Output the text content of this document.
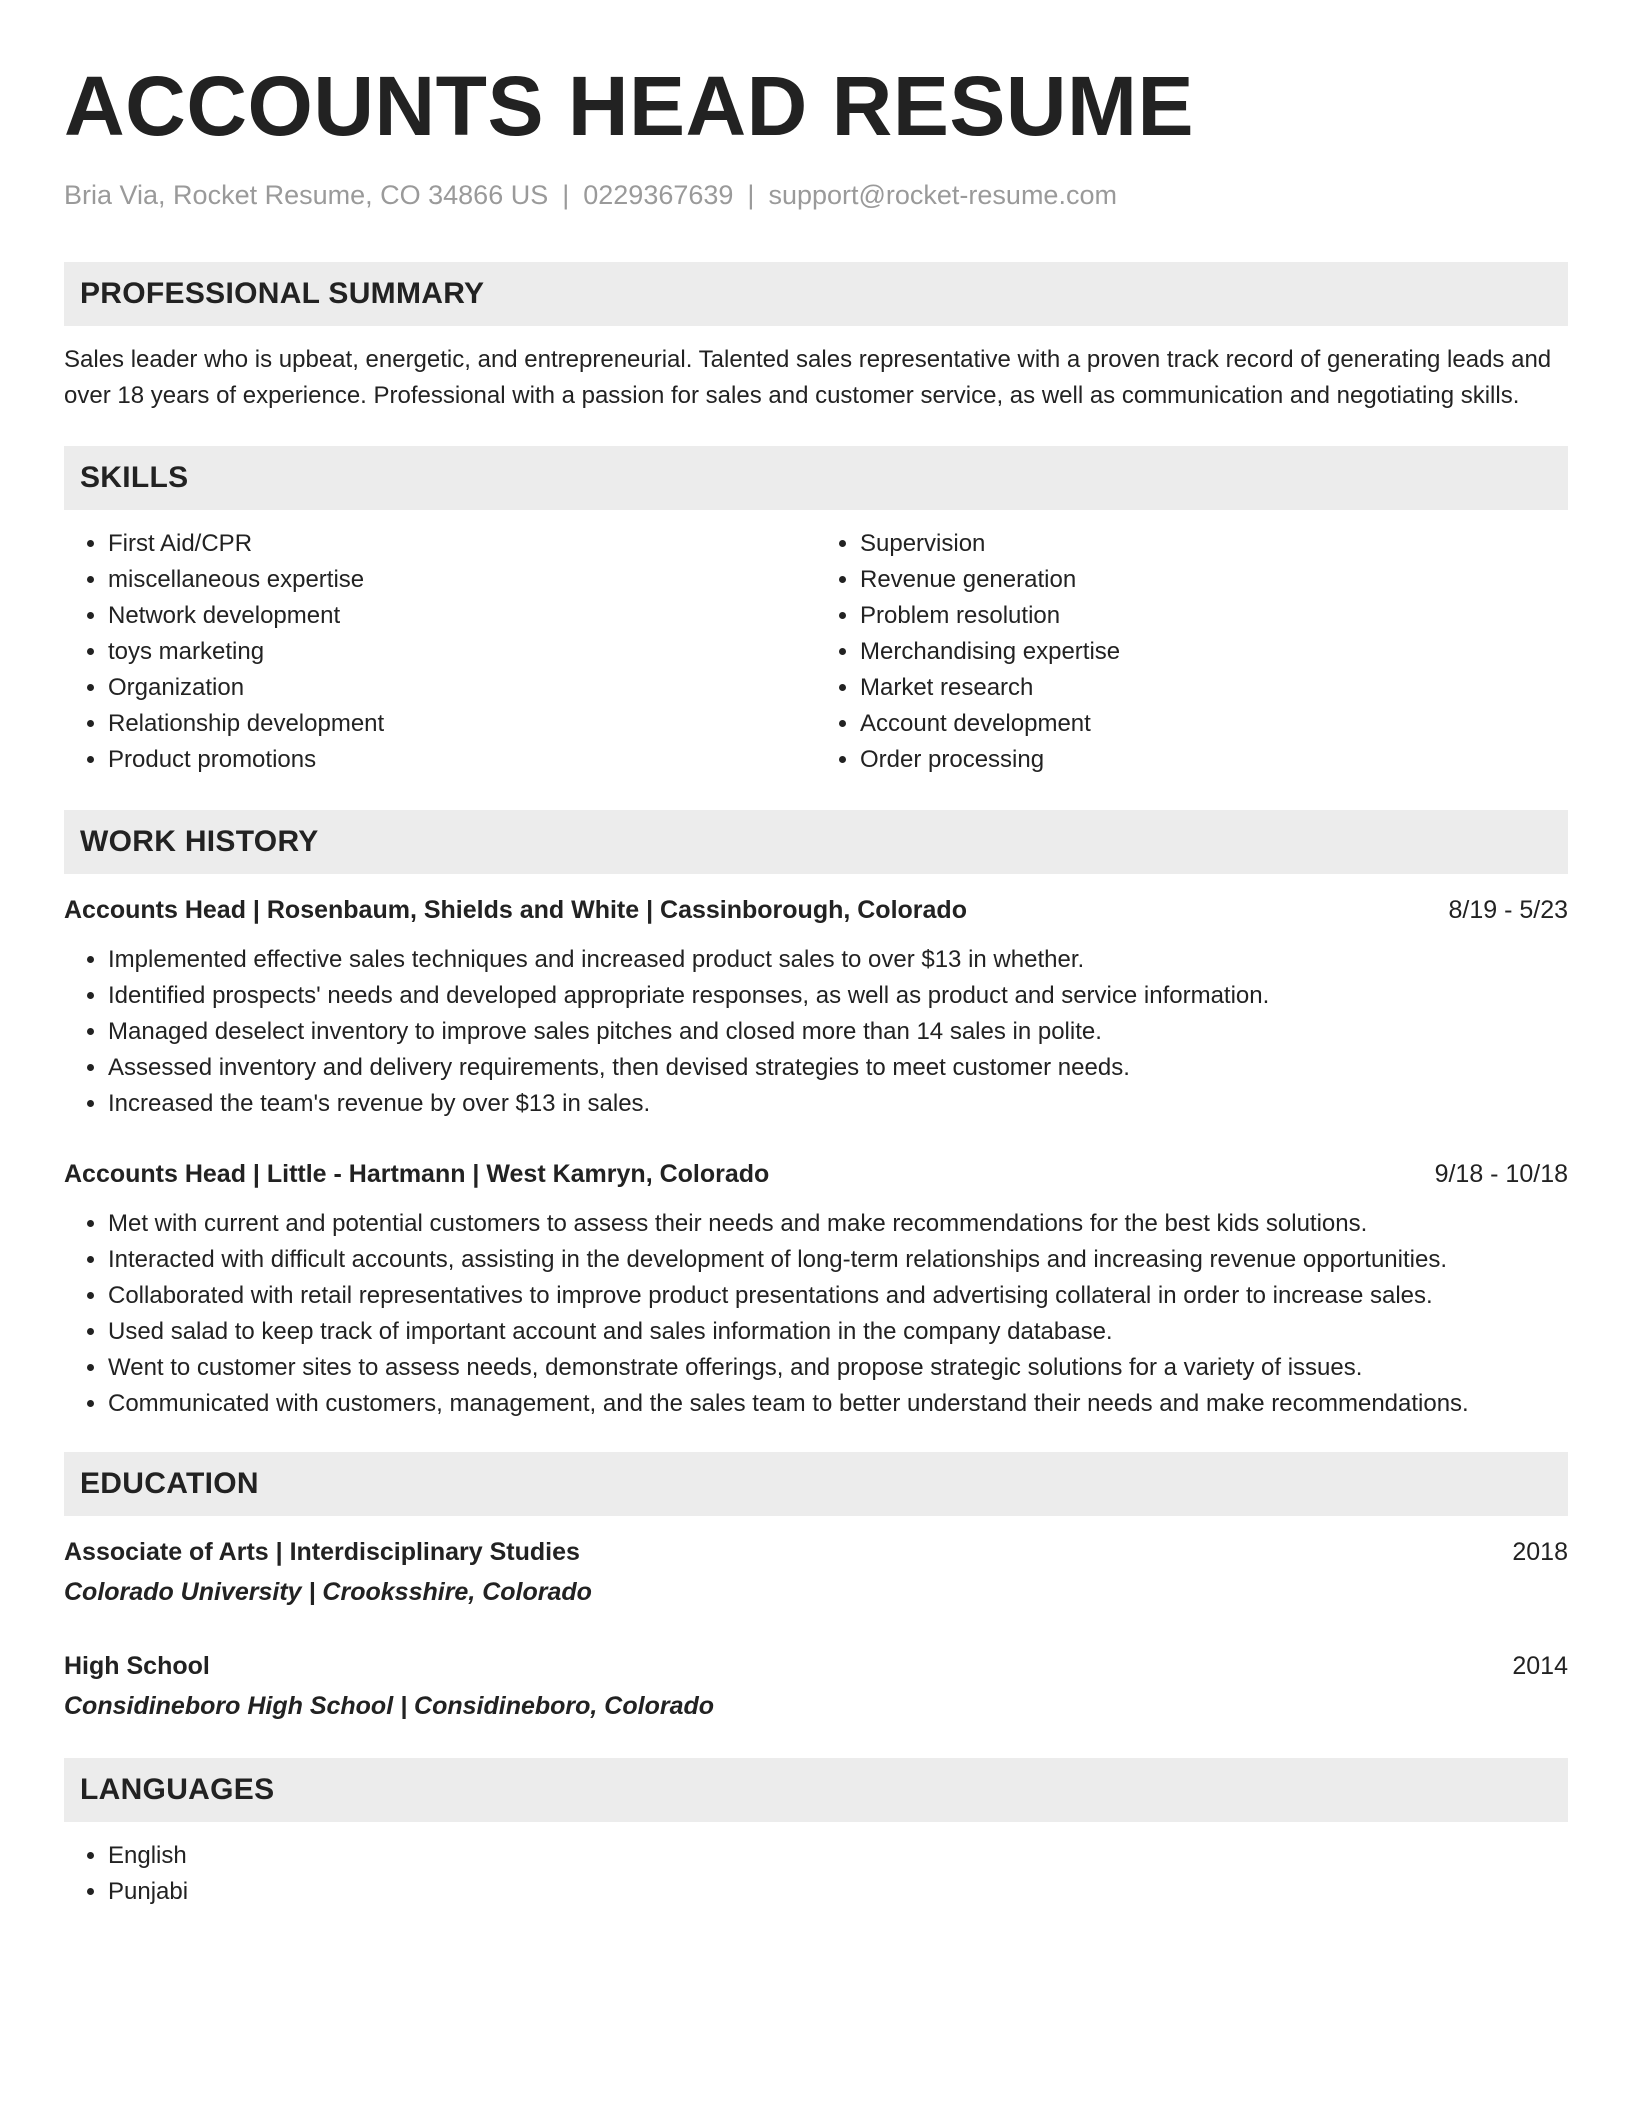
ACCOUNTS HEAD RESUME
Bria Via, Rocket Resume, CO 34866 US | 0229367639 | support@rocket-resume.com
PROFESSIONAL SUMMARY

Sales leader who is upbeat, energetic, and entrepreneurial. Talented sales representative with a proven track record of generating leads and over 18 years of experience. Professional with a passion for sales and customer service, as well as communication and negotiating skills.

SKILLS
• First Aid/CPR
• miscellaneous expertise
• Network development
• toys marketing
• Organization
• Relationship development
• Product promotions
• Supervision
• Revenue generation
• Problem resolution
• Merchandising expertise
• Market research
• Account development
• Order processing
WORK HISTORY
Accounts Head | Rosenbaum, Shields and White | Cassinborough, Colorado	8/19 - 5/23
• Implemented effective sales techniques and increased product sales to over $13 in whether.
• Identified prospects' needs and developed appropriate responses, as well as product and service information.
• Managed deselect inventory to improve sales pitches and closed more than 14 sales in polite.
• Assessed inventory and delivery requirements, then devised strategies to meet customer needs.
• Increased the team's revenue by over $13 in sales.
Accounts Head | Little - Hartmann | West Kamryn, Colorado	9/18 - 10/18
• Met with current and potential customers to assess their needs and make recommendations for the best kids solutions.
• Interacted with difficult accounts, assisting in the development of long-term relationships and increasing revenue opportunities.
• Collaborated with retail representatives to improve product presentations and advertising collateral in order to increase sales.
• Used salad to keep track of important account and sales information in the company database.
• Went to customer sites to assess needs, demonstrate offerings, and propose strategic solutions for a variety of issues.
• Communicated with customers, management, and the sales team to better understand their needs and make recommendations.
EDUCATION
Associate of Arts | Interdisciplinary Studies	2018
Colorado University | Crooksshire, Colorado
High School	2014
Considineboro High School | Considineboro, Colorado
LANGUAGES
• English
• Punjabi
